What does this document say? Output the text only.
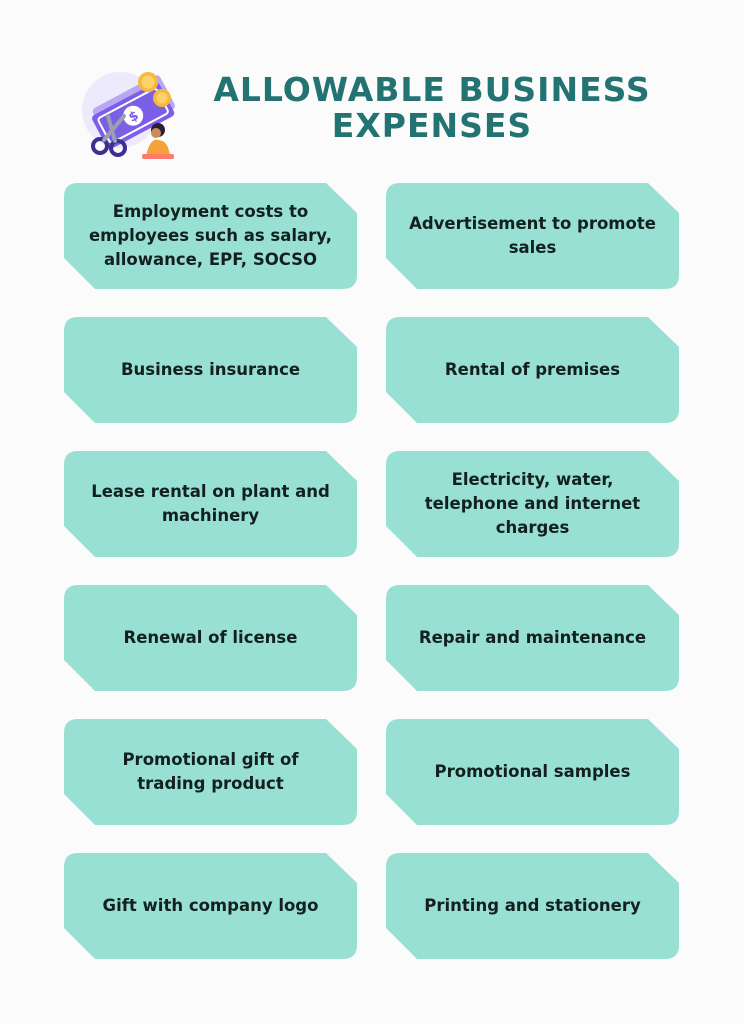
$
ALLOWABLE BUSINESS
EXPENSES
Employment costs to employees such as salary, allowance, EPF, SOCSO
Advertisement to promote sales
Business insurance	Rental of premises
Lease rental on plant and machinery
Electricity, water, telephone and internet charges
Renewal of license	Repair and maintenance
Promotional gift of trading product
Promotional samples
Gift with company logo	Printing and stationery
